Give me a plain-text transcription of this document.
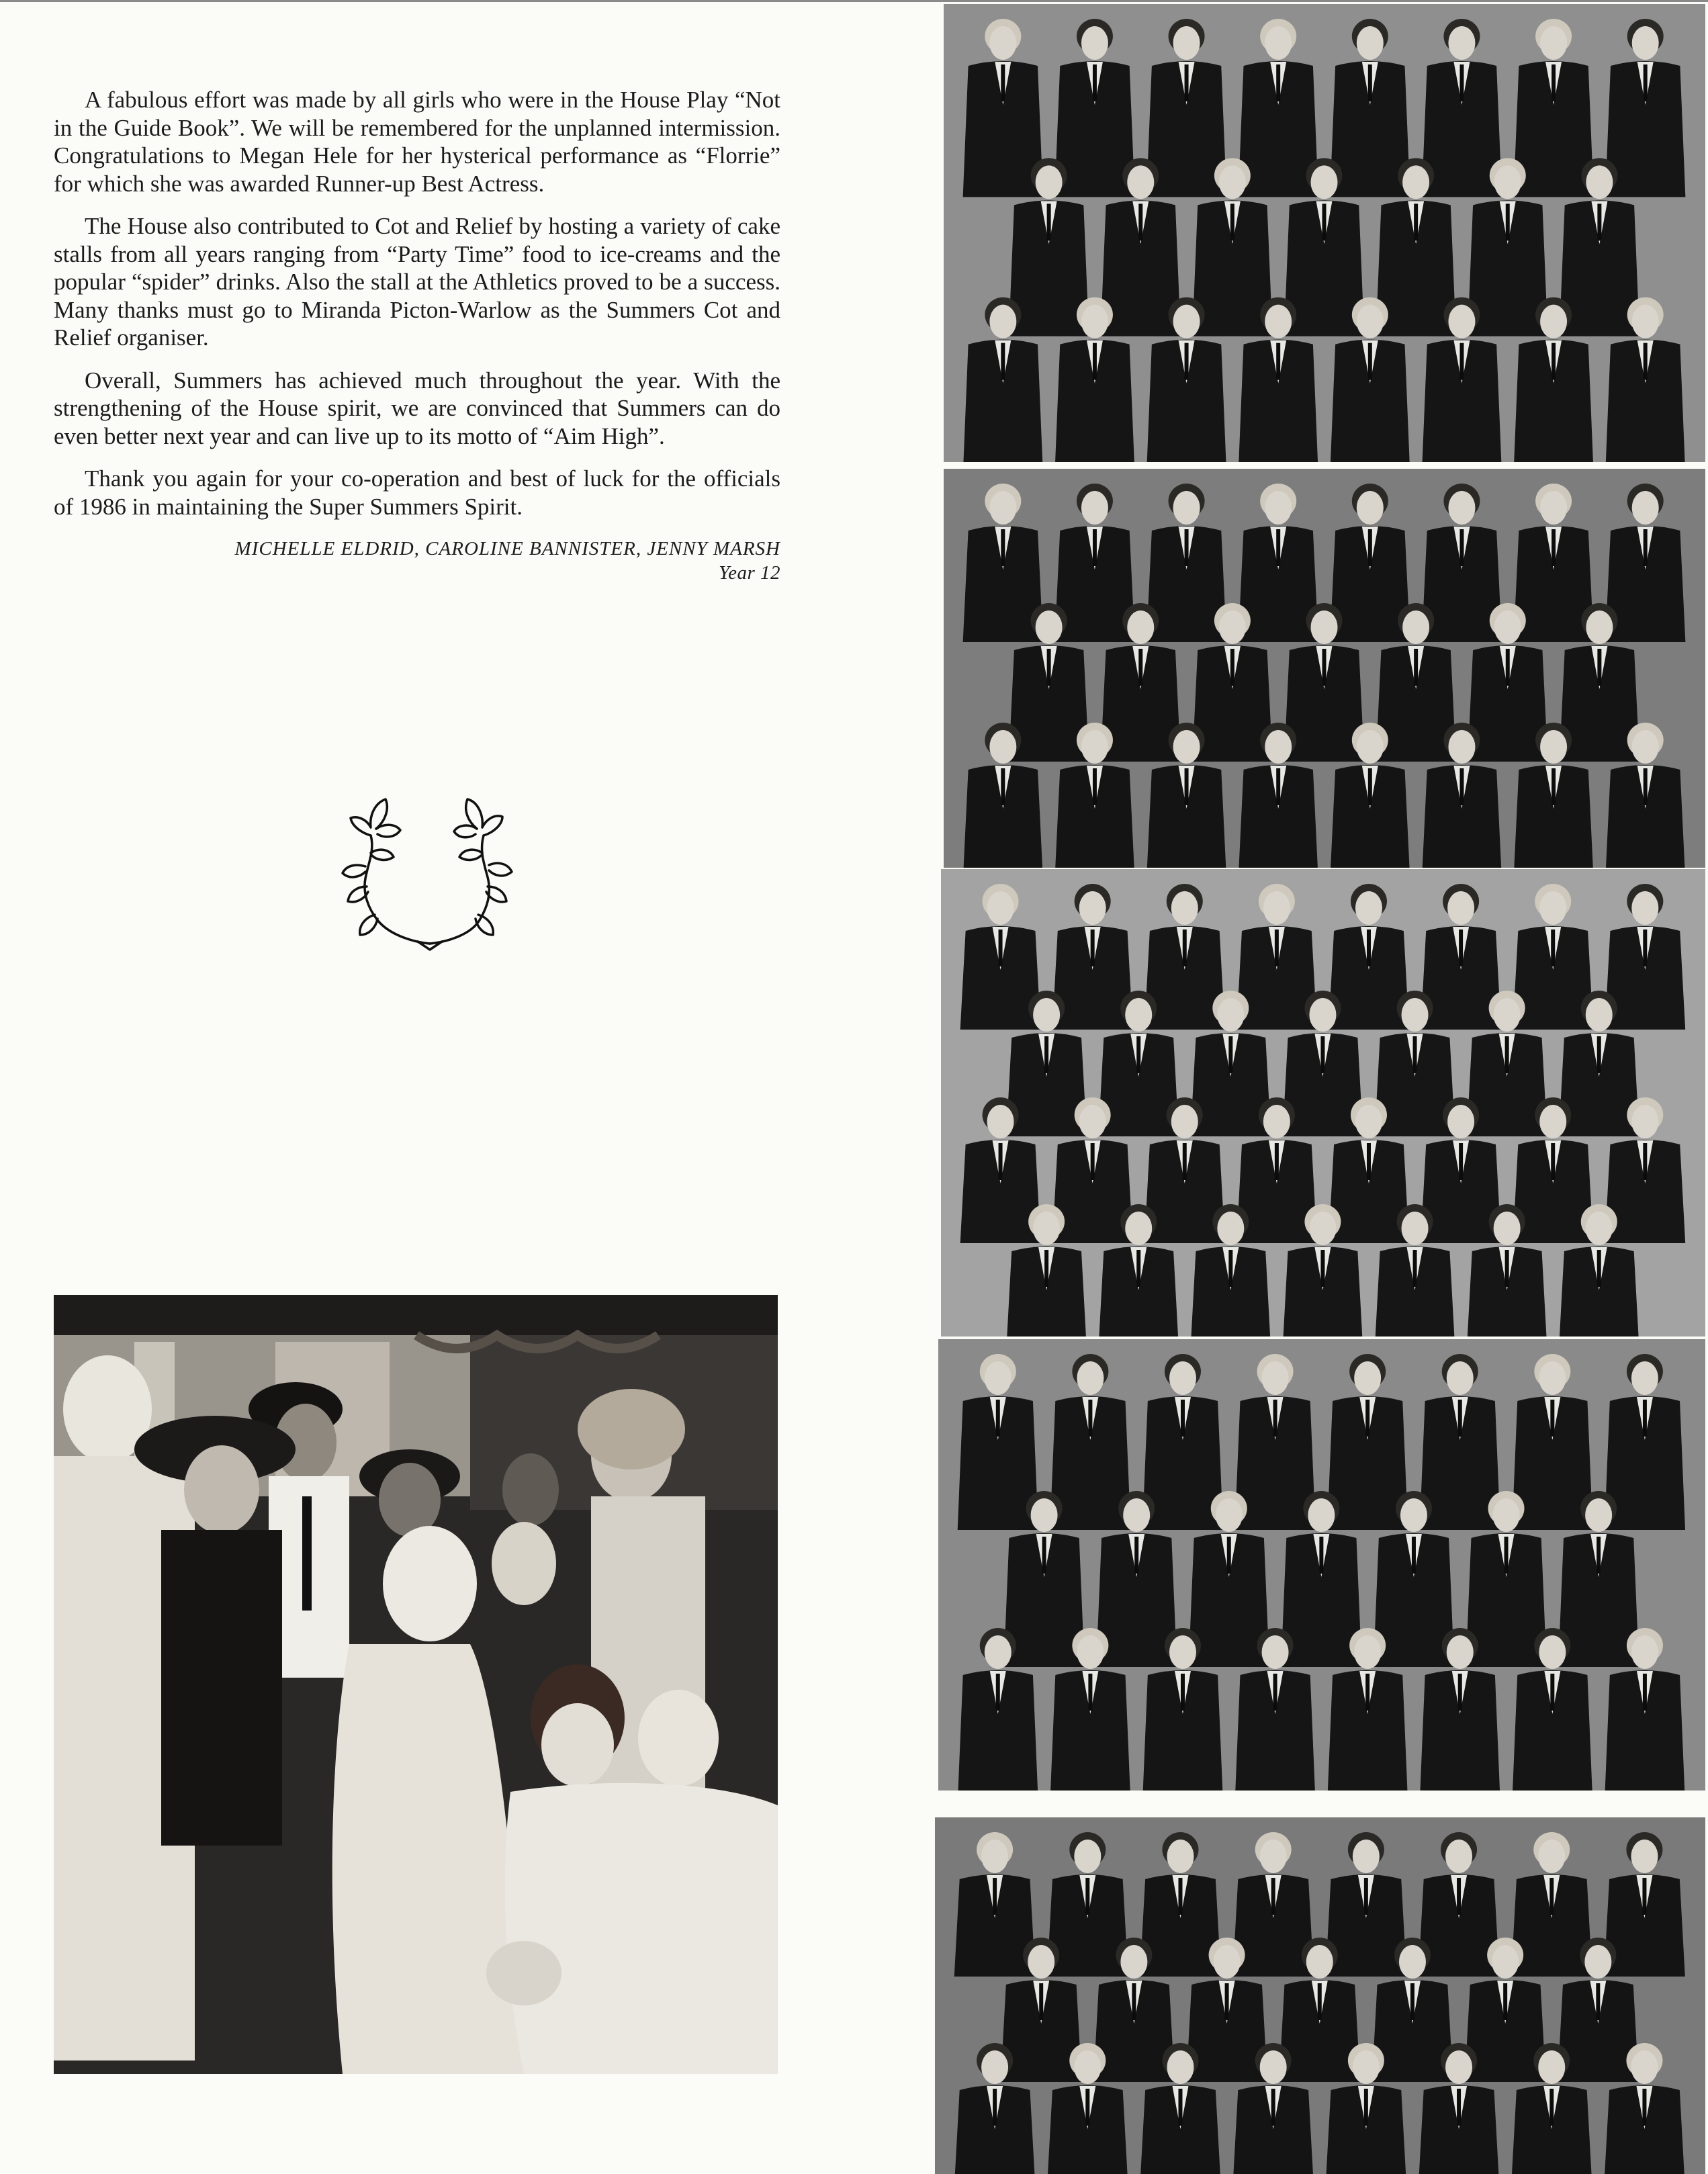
A fabulous effort was made by all girls who were in the House Play “Not in the Guide Book”. We will be remembered for the unplanned intermission. Congratulations to Megan Hele for her hysterical performance as “Florrie” for which she was awarded Runner-up Best Actress.

The House also contributed to Cot and Relief by hosting a variety of cake stalls from all years ranging from “Party Time” food to ice-creams and the popular “spider” drinks. Also the stall at the Athletics proved to be a success. Many thanks must go to Miranda Picton-Warlow as the Summers Cot and Relief organiser.

Overall, Summers has achieved much throughout the year. With the strengthening of the House spirit, we are convinced that Summers can do even better next year and can live up to its motto of “Aim High”.

Thank you again for your co-operation and best of luck for the officials of 1986 in maintaining the Super Summers Spirit.

MICHELLE ELDRID, CAROLINE BANNISTER, JENNY MARSH
Year 12
